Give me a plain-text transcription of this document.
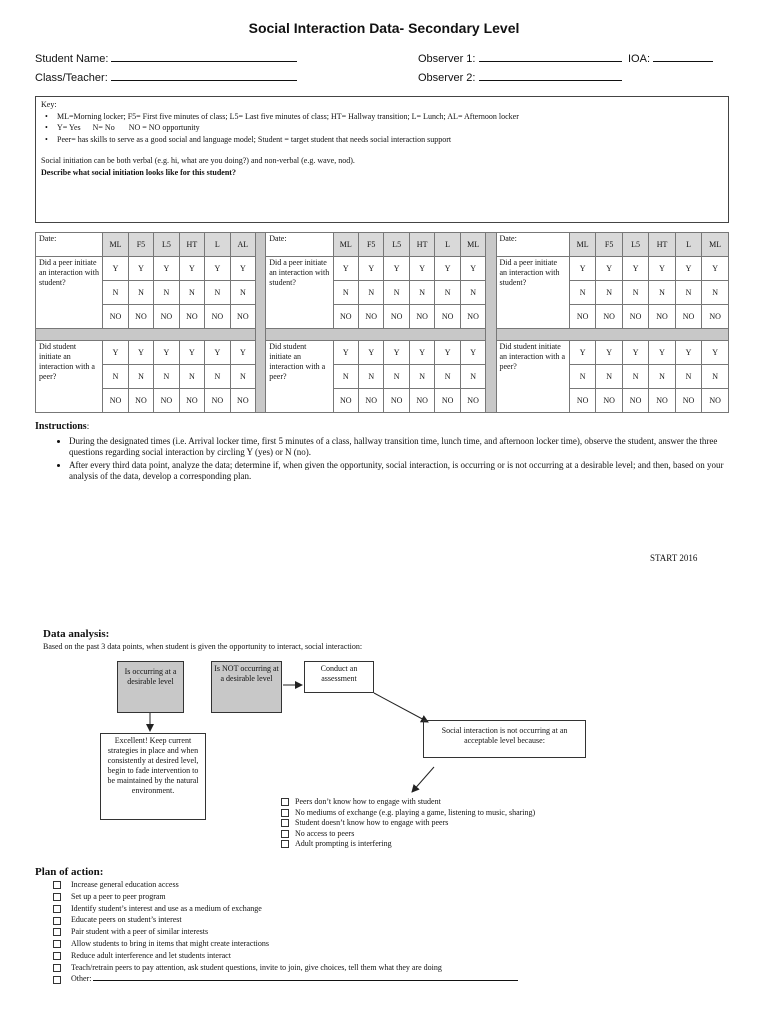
Social Interaction Data- Secondary Level
Student Name:
Class/Teacher:
Observer 1:	IOA:
Observer 2:
Key:
• ML=Morning locker; F5= First five minutes of class; L5= Last five minutes of class; HT= Hallway transition; L= Lunch; AL= Afternoon locker
• Y= Yes      N= No       NO = NO opportunity
• Peer= has skills to serve as a good social and language model; Student = target student that needs social interaction support
Social initiation can be both verbal (e.g. hi, what are you doing?) and non-verbal (e.g. wave, nod).
Describe what social initiation looks like for this student?
Date:	ML	F5	L5	HT	L	AL		Date:	ML	F5	L5	HT	L	ML		Date:	ML	F5	L5	HT	L	ML
Did a peer initiate an interaction with student?	Y	Y	Y	Y	Y	Y		Did a peer initiate an interaction with student?	Y	Y	Y	Y	Y	Y		Did a peer initiate an interaction with student?	Y	Y	Y	Y	Y	Y
	N	N	N	N	N	N			N	N	N	N	N	N			N	N	N	N	N	N
	NO	NO	NO	NO	NO	NO			NO	NO	NO	NO	NO	NO			NO	NO	NO	NO	NO	NO

Did student initiate an interaction with a peer?	Y	Y	Y	Y	Y	Y		Did student initiate an interaction with a peer?	Y	Y	Y	Y	Y	Y		Did student initiate an interaction with a peer?	Y	Y	Y	Y	Y	Y
	N	N	N	N	N	N			N	N	N	N	N	N			N	N	N	N	N	N
	NO	NO	NO	NO	NO	NO			NO	NO	NO	NO	NO	NO			NO	NO	NO	NO	NO	NO
Instructions:
• During the designated times (i.e. Arrival locker time, first 5 minutes of a class, hallway transition time, lunch time, and afternoon locker time), observe the student, answer the three questions regarding social interaction by circling Y (yes) or N (no).
• After every third data point, analyze the data; determine if, when given the opportunity, social interaction, is occurring or is not occurring at a desirable level; and then, based on your analysis of the data, develop a corresponding plan.
START 2016
Data analysis:
Based on the past 3 data points, when student is given the opportunity to interact, social interaction:
Is occurring at a desirable level
Is NOT occurring at a desirable level
Conduct an assessment
Excellent! Keep current strategies in place and when consistently at desired level, begin to fade intervention to be maintained by the natural environment.
Social interaction is not occurring at an acceptable level because:
Peers don’t know how to engage with student
No mediums of exchange (e.g. playing a game, listening to music, sharing)
Student doesn’t know how to engage with peers
No access to peers
Adult prompting is interfering
Plan of action:
Increase general education access
Set up a peer to peer program
Identify student’s interest and use as a medium of exchange
Educate peers on student’s interest
Pair student with a peer of similar interests
Allow students to bring in items that might create interactions
Reduce adult interference and let students interact
Teach/retrain peers to pay attention, ask student questions, invite to join, give choices, tell them what they are doing
Other:
